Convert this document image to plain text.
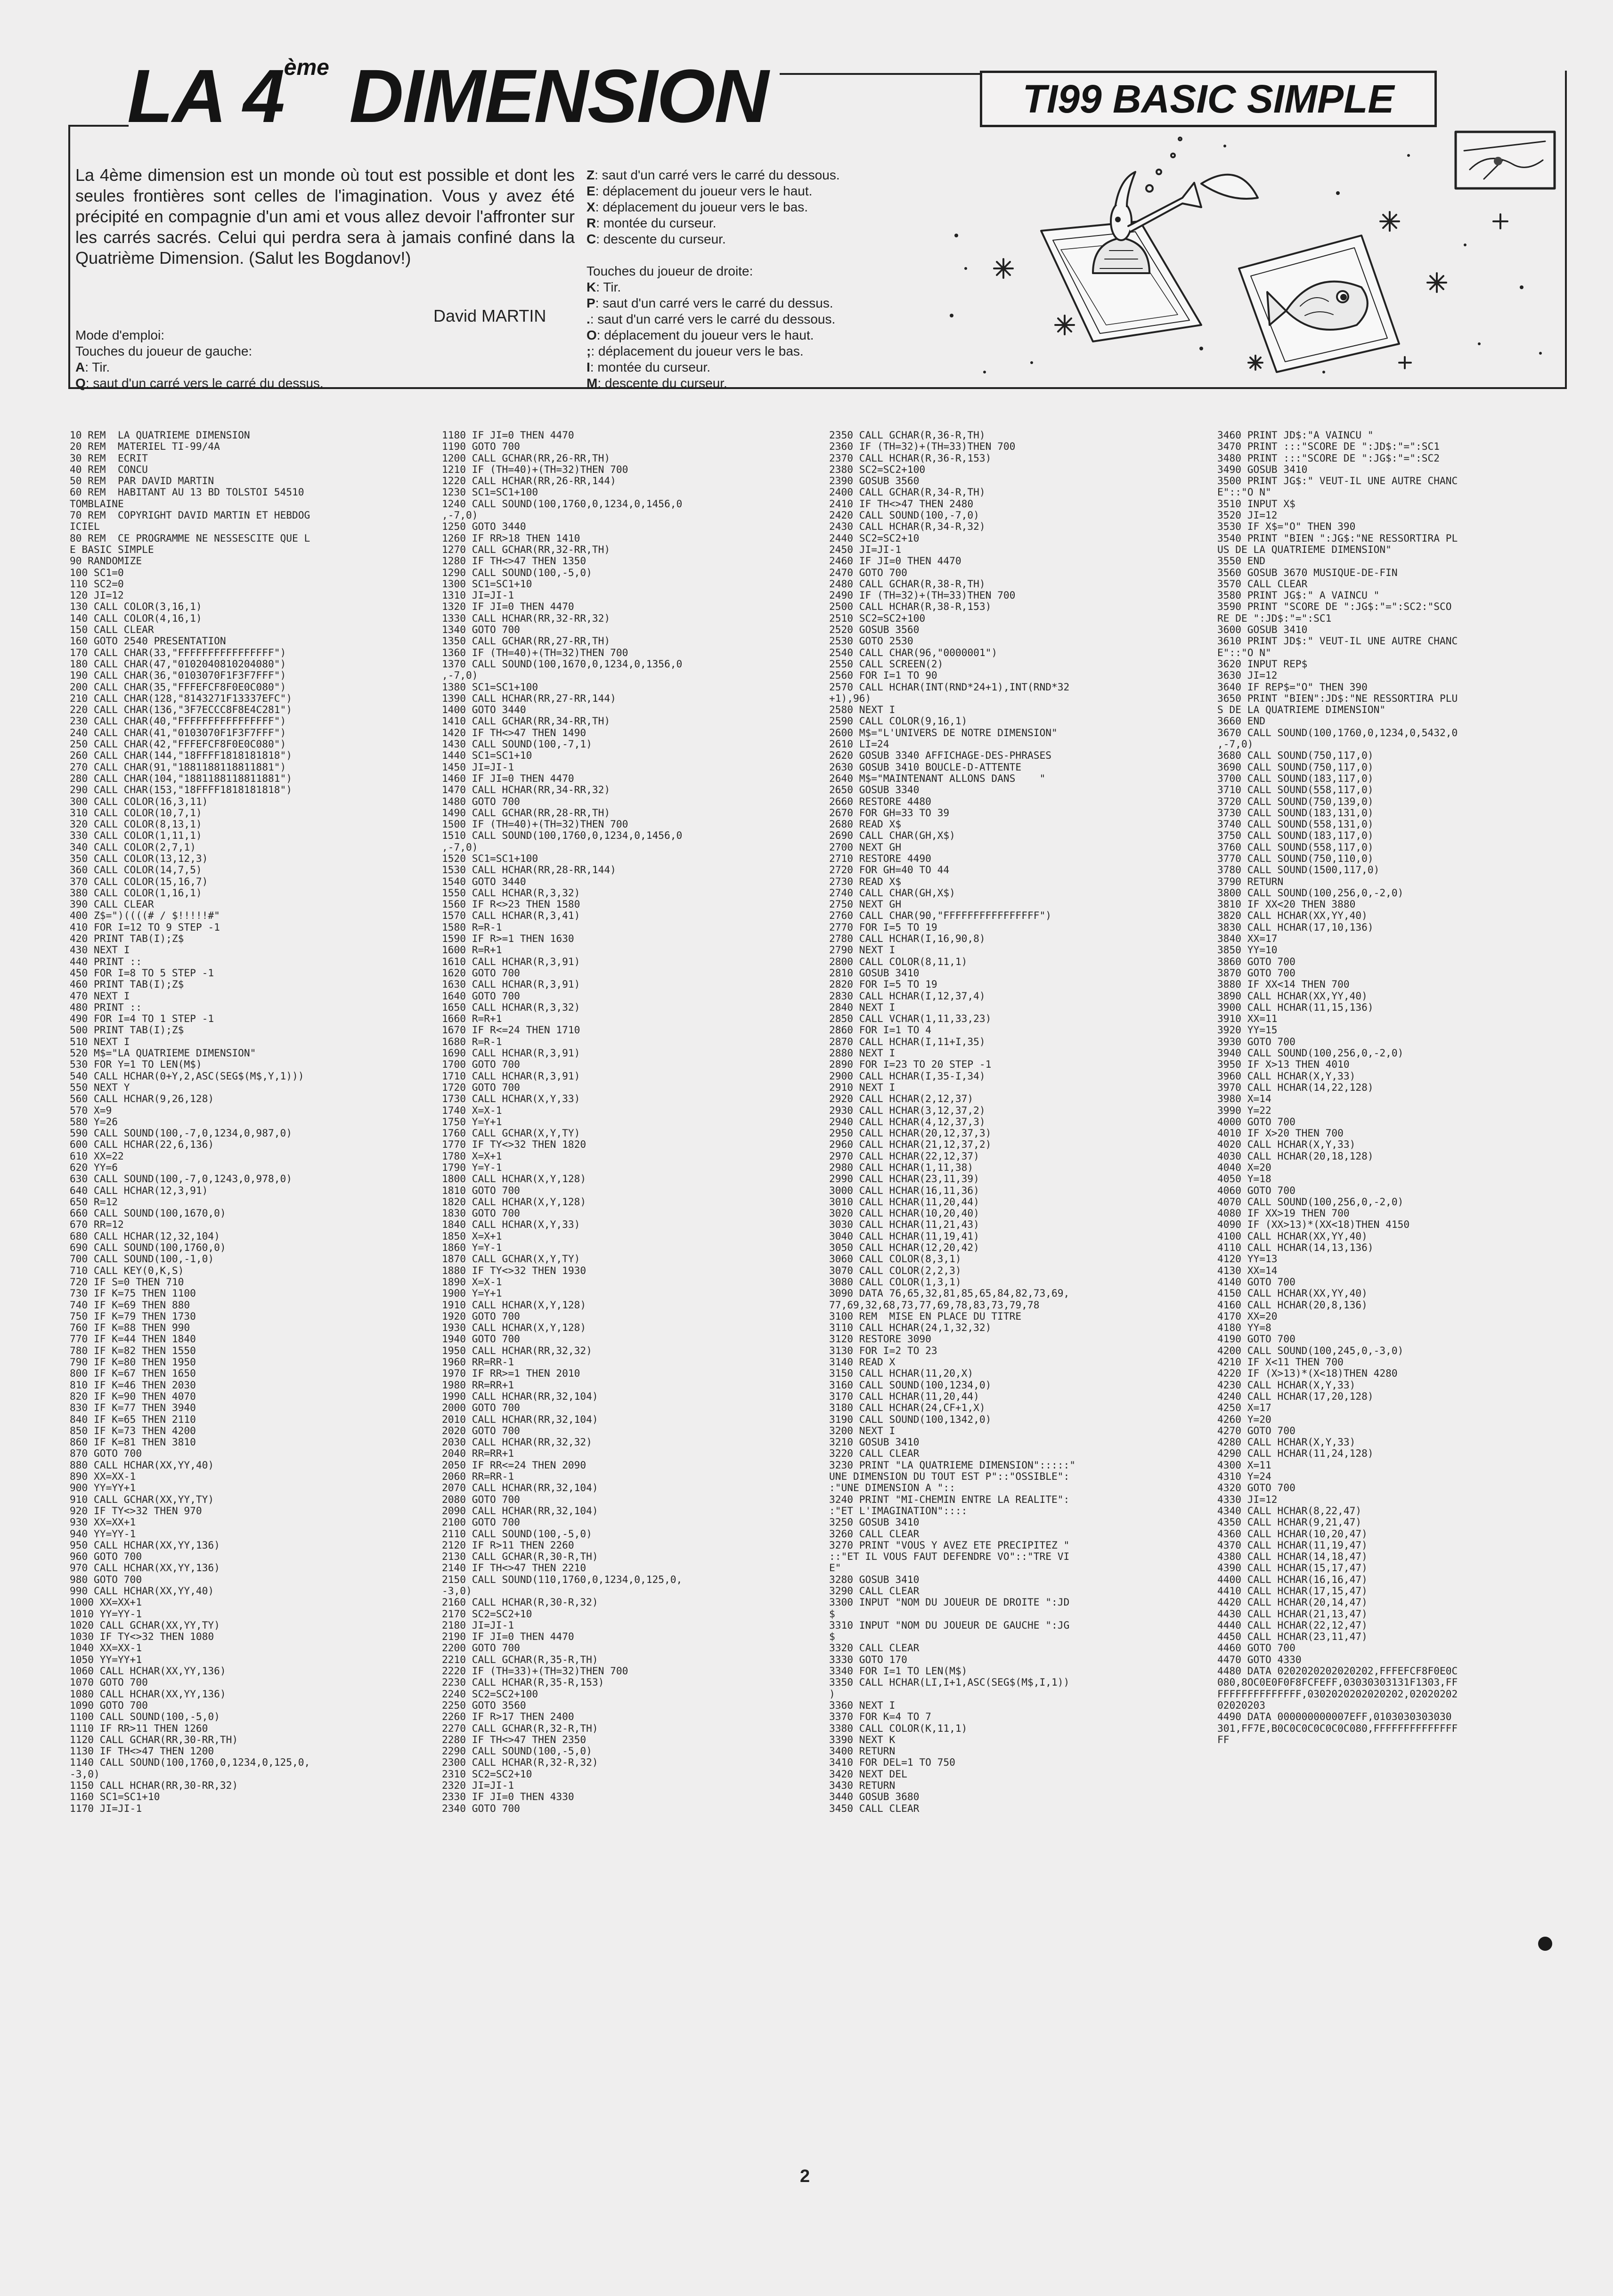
LA 4ème DIMENSION	TI99 BASIC SIMPLE
La 4ème dimension est un monde où tout est possible et dont les seules frontières sont celles de l'imagination. Vous y avez été précipité en compagnie d'un ami et vous allez devoir l'affronter sur les carrés sacrés. Celui qui perdra sera à jamais confiné dans la Quatrième Dimension. (Salut les Bogdanov!)
David MARTIN
Mode d'emploi:
Touches du joueur de gauche:
A: Tir.
Q: saut d'un carré vers le carré du dessus.
Z: saut d'un carré vers le carré du dessous.
E: déplacement du joueur vers le haut.
X: déplacement du joueur vers le bas.
R: montée du curseur.
C: descente du curseur.

Touches du joueur de droite:
K: Tir.
P: saut d'un carré vers le carré du dessus.
.: saut d'un carré vers le carré du dessous.
O: déplacement du joueur vers le haut.
;: déplacement du joueur vers le bas.
I: montée du curseur.
M: descente du curseur.
10 REM  LA QUATRIEME DIMENSION
20 REM  MATERIEL TI-99/4A
30 REM  ECRIT
40 REM  CONCU
50 REM  PAR DAVID MARTIN
60 REM  HABITANT AU 13 BD TOLSTOI 54510
TOMBLAINE
70 REM  COPYRIGHT DAVID MARTIN ET HEBDOG
ICIEL
80 REM  CE PROGRAMME NE NESSESCITE QUE L
E BASIC SIMPLE
90 RANDOMIZE
100 SC1=0
110 SC2=0
120 JI=12
130 CALL COLOR(3,16,1)
140 CALL COLOR(4,16,1)
150 CALL CLEAR
160 GOTO 2540 PRESENTATION
170 CALL CHAR(33,"FFFFFFFFFFFFFFFF")
180 CALL CHAR(47,"0102040810204080")
190 CALL CHAR(36,"0103070F1F3F7FFF")
200 CALL CHAR(35,"FFFEFCF8F0E0C080")
210 CALL CHAR(128,"8143271F13337EFC")
220 CALL CHAR(136,"3F7ECCC8F8E4C281")
230 CALL CHAR(40,"FFFFFFFFFFFFFFFF")
240 CALL CHAR(41,"0103070F1F3F7FFF")
250 CALL CHAR(42,"FFFEFCF8F0E0C080")
260 CALL CHAR(144,"18FFFF1818181818")
270 CALL CHAR(91,"1881188118811881")
280 CALL CHAR(104,"1881188118811881")
290 CALL CHAR(153,"18FFFF1818181818")
300 CALL COLOR(16,3,11)
310 CALL COLOR(10,7,1)
320 CALL COLOR(8,13,1)
330 CALL COLOR(1,11,1)
340 CALL COLOR(2,7,1)
350 CALL COLOR(13,12,3)
360 CALL COLOR(14,7,5)
370 CALL COLOR(15,16,7)
380 CALL COLOR(1,16,1)
390 CALL CLEAR
400 Z$=")((((# / $!!!!!#"
410 FOR I=12 TO 9 STEP -1
420 PRINT TAB(I);Z$
430 NEXT I
440 PRINT ::
450 FOR I=8 TO 5 STEP -1
460 PRINT TAB(I);Z$
470 NEXT I
480 PRINT ::
490 FOR I=4 TO 1 STEP -1
500 PRINT TAB(I);Z$
510 NEXT I
520 M$="LA QUATRIEME DIMENSION"
530 FOR Y=1 TO LEN(M$)
540 CALL HCHAR(0+Y,2,ASC(SEG$(M$,Y,1)))
550 NEXT Y
560 CALL HCHAR(9,26,128)
570 X=9
580 Y=26
590 CALL SOUND(100,-7,0,1234,0,987,0)
600 CALL HCHAR(22,6,136)
610 XX=22
620 YY=6
630 CALL SOUND(100,-7,0,1243,0,978,0)
640 CALL HCHAR(12,3,91)
650 R=12
660 CALL SOUND(100,1670,0)
670 RR=12
680 CALL HCHAR(12,32,104)
690 CALL SOUND(100,1760,0)
700 CALL SOUND(100,-1,0)
710 CALL KEY(0,K,S)
720 IF S=0 THEN 710
730 IF K=75 THEN 1100
740 IF K=69 THEN 880
750 IF K=79 THEN 1730
760 IF K=88 THEN 990
770 IF K=44 THEN 1840
780 IF K=82 THEN 1550
790 IF K=80 THEN 1950
800 IF K=67 THEN 1650
810 IF K=46 THEN 2030
820 IF K=90 THEN 4070
830 IF K=77 THEN 3940
840 IF K=65 THEN 2110
850 IF K=73 THEN 4200
860 IF K=81 THEN 3810
870 GOTO 700
880 CALL HCHAR(XX,YY,40)
890 XX=XX-1
900 YY=YY+1
910 CALL GCHAR(XX,YY,TY)
920 IF TY<>32 THEN 970
930 XX=XX+1
940 YY=YY-1
950 CALL HCHAR(XX,YY,136)
960 GOTO 700
970 CALL HCHAR(XX,YY,136)
980 GOTO 700
990 CALL HCHAR(XX,YY,40)
1000 XX=XX+1
1010 YY=YY-1
1020 CALL GCHAR(XX,YY,TY)
1030 IF TY<>32 THEN 1080
1040 XX=XX-1
1050 YY=YY+1
1060 CALL HCHAR(XX,YY,136)
1070 GOTO 700
1080 CALL HCHAR(XX,YY,136)
1090 GOTO 700
1100 CALL SOUND(100,-5,0)
1110 IF RR>11 THEN 1260
1120 CALL GCHAR(RR,30-RR,TH)
1130 IF TH<>47 THEN 1200
1140 CALL SOUND(100,1760,0,1234,0,125,0,
-3,0)
1150 CALL HCHAR(RR,30-RR,32)
1160 SC1=SC1+10
1170 JI=JI-1
1180 IF JI=0 THEN 4470
1190 GOTO 700
1200 CALL GCHAR(RR,26-RR,TH)
1210 IF (TH=40)+(TH=32)THEN 700
1220 CALL HCHAR(RR,26-RR,144)
1230 SC1=SC1+100
1240 CALL SOUND(100,1760,0,1234,0,1456,0
,-7,0)
1250 GOTO 3440
1260 IF RR>18 THEN 1410
1270 CALL GCHAR(RR,32-RR,TH)
1280 IF TH<>47 THEN 1350
1290 CALL SOUND(100,-5,0)
1300 SC1=SC1+10
1310 JI=JI-1
1320 IF JI=0 THEN 4470
1330 CALL HCHAR(RR,32-RR,32)
1340 GOTO 700
1350 CALL GCHAR(RR,27-RR,TH)
1360 IF (TH=40)+(TH=32)THEN 700
1370 CALL SOUND(100,1670,0,1234,0,1356,0
,-7,0)
1380 SC1=SC1+100
1390 CALL HCHAR(RR,27-RR,144)
1400 GOTO 3440
1410 CALL GCHAR(RR,34-RR,TH)
1420 IF TH<>47 THEN 1490
1430 CALL SOUND(100,-7,1)
1440 SC1=SC1+10
1450 JI=JI-1
1460 IF JI=0 THEN 4470
1470 CALL HCHAR(RR,34-RR,32)
1480 GOTO 700
1490 CALL GCHAR(RR,28-RR,TH)
1500 IF (TH=40)+(TH=32)THEN 700
1510 CALL SOUND(100,1760,0,1234,0,1456,0
,-7,0)
1520 SC1=SC1+100
1530 CALL HCHAR(RR,28-RR,144)
1540 GOTO 3440
1550 CALL HCHAR(R,3,32)
1560 IF R<>23 THEN 1580
1570 CALL HCHAR(R,3,41)
1580 R=R-1
1590 IF R>=1 THEN 1630
1600 R=R+1
1610 CALL HCHAR(R,3,91)
1620 GOTO 700
1630 CALL HCHAR(R,3,91)
1640 GOTO 700
1650 CALL HCHAR(R,3,32)
1660 R=R+1
1670 IF R<=24 THEN 1710
1680 R=R-1
1690 CALL HCHAR(R,3,91)
1700 GOTO 700
1710 CALL HCHAR(R,3,91)
1720 GOTO 700
1730 CALL HCHAR(X,Y,33)
1740 X=X-1
1750 Y=Y+1
1760 CALL GCHAR(X,Y,TY)
1770 IF TY<>32 THEN 1820
1780 X=X+1
1790 Y=Y-1
1800 CALL HCHAR(X,Y,128)
1810 GOTO 700
1820 CALL HCHAR(X,Y,128)
1830 GOTO 700
1840 CALL HCHAR(X,Y,33)
1850 X=X+1
1860 Y=Y-1
1870 CALL GCHAR(X,Y,TY)
1880 IF TY<>32 THEN 1930
1890 X=X-1
1900 Y=Y+1
1910 CALL HCHAR(X,Y,128)
1920 GOTO 700
1930 CALL HCHAR(X,Y,128)
1940 GOTO 700
1950 CALL HCHAR(RR,32,32)
1960 RR=RR-1
1970 IF RR>=1 THEN 2010
1980 RR=RR+1
1990 CALL HCHAR(RR,32,104)
2000 GOTO 700
2010 CALL HCHAR(RR,32,104)
2020 GOTO 700
2030 CALL HCHAR(RR,32,32)
2040 RR=RR+1
2050 IF RR<=24 THEN 2090
2060 RR=RR-1
2070 CALL HCHAR(RR,32,104)
2080 GOTO 700
2090 CALL HCHAR(RR,32,104)
2100 GOTO 700
2110 CALL SOUND(100,-5,0)
2120 IF R>11 THEN 2260
2130 CALL GCHAR(R,30-R,TH)
2140 IF TH<>47 THEN 2210
2150 CALL SOUND(110,1760,0,1234,0,125,0,
-3,0)
2160 CALL HCHAR(R,30-R,32)
2170 SC2=SC2+10
2180 JI=JI-1
2190 IF JI=0 THEN 4470
2200 GOTO 700
2210 CALL GCHAR(R,35-R,TH)
2220 IF (TH=33)+(TH=32)THEN 700
2230 CALL HCHAR(R,35-R,153)
2240 SC2=SC2+100
2250 GOTO 3560
2260 IF R>17 THEN 2400
2270 CALL GCHAR(R,32-R,TH)
2280 IF TH<>47 THEN 2350
2290 CALL SOUND(100,-5,0)
2300 CALL HCHAR(R,32-R,32)
2310 SC2=SC2+10
2320 JI=JI-1
2330 IF JI=0 THEN 4330
2340 GOTO 700
2350 CALL GCHAR(R,36-R,TH)
2360 IF (TH=32)+(TH=33)THEN 700
2370 CALL HCHAR(R,36-R,153)
2380 SC2=SC2+100
2390 GOSUB 3560
2400 CALL GCHAR(R,34-R,TH)
2410 IF TH<>47 THEN 2480
2420 CALL SOUND(100,-7,0)
2430 CALL HCHAR(R,34-R,32)
2440 SC2=SC2+10
2450 JI=JI-1
2460 IF JI=0 THEN 4470
2470 GOTO 700
2480 CALL GCHAR(R,38-R,TH)
2490 IF (TH=32)+(TH=33)THEN 700
2500 CALL HCHAR(R,38-R,153)
2510 SC2=SC2+100
2520 GOSUB 3560
2530 GOTO 2530
2540 CALL CHAR(96,"0000001")
2550 CALL SCREEN(2)
2560 FOR I=1 TO 90
2570 CALL HCHAR(INT(RND*24+1),INT(RND*32
+1),96)
2580 NEXT I
2590 CALL COLOR(9,16,1)
2600 M$="L'UNIVERS DE NOTRE DIMENSION"
2610 LI=24
2620 GOSUB 3340 AFFICHAGE-DES-PHRASES
2630 GOSUB 3410 BOUCLE-D-ATTENTE
2640 M$="MAINTENANT ALLONS DANS    "
2650 GOSUB 3340
2660 RESTORE 4480
2670 FOR GH=33 TO 39
2680 READ X$
2690 CALL CHAR(GH,X$)
2700 NEXT GH
2710 RESTORE 4490
2720 FOR GH=40 TO 44
2730 READ X$
2740 CALL CHAR(GH,X$)
2750 NEXT GH
2760 CALL CHAR(90,"FFFFFFFFFFFFFFFF")
2770 FOR I=5 TO 19
2780 CALL HCHAR(I,16,90,8)
2790 NEXT I
2800 CALL COLOR(8,11,1)
2810 GOSUB 3410
2820 FOR I=5 TO 19
2830 CALL HCHAR(I,12,37,4)
2840 NEXT I
2850 CALL VCHAR(1,11,33,23)
2860 FOR I=1 TO 4
2870 CALL HCHAR(I,11+I,35)
2880 NEXT I
2890 FOR I=23 TO 20 STEP -1
2900 CALL HCHAR(I,35-I,34)
2910 NEXT I
2920 CALL HCHAR(2,12,37)
2930 CALL HCHAR(3,12,37,2)
2940 CALL HCHAR(4,12,37,3)
2950 CALL HCHAR(20,12,37,3)
2960 CALL HCHAR(21,12,37,2)
2970 CALL HCHAR(22,12,37)
2980 CALL HCHAR(1,11,38)
2990 CALL HCHAR(23,11,39)
3000 CALL HCHAR(16,11,36)
3010 CALL HCHAR(11,20,44)
3020 CALL HCHAR(10,20,40)
3030 CALL HCHAR(11,21,43)
3040 CALL HCHAR(11,19,41)
3050 CALL HCHAR(12,20,42)
3060 CALL COLOR(8,3,1)
3070 CALL COLOR(2,2,3)
3080 CALL COLOR(1,3,1)
3090 DATA 76,65,32,81,85,65,84,82,73,69,
77,69,32,68,73,77,69,78,83,73,79,78
3100 REM  MISE EN PLACE DU TITRE
3110 CALL HCHAR(24,1,32,32)
3120 RESTORE 3090
3130 FOR I=2 TO 23
3140 READ X
3150 CALL HCHAR(11,20,X)
3160 CALL SOUND(100,1234,0)
3170 CALL HCHAR(11,20,44)
3180 CALL HCHAR(24,CF+1,X)
3190 CALL SOUND(100,1342,0)
3200 NEXT I
3210 GOSUB 3410
3220 CALL CLEAR
3230 PRINT "LA QUATRIEME DIMENSION":::::"
UNE DIMENSION DU TOUT EST P"::"OSSIBLE":
:"UNE DIMENSION A "::
3240 PRINT "MI-CHEMIN ENTRE LA REALITE":
:"ET L'IMAGINATION"::::
3250 GOSUB 3410
3260 CALL CLEAR
3270 PRINT "VOUS Y AVEZ ETE PRECIPITEZ "
::"ET IL VOUS FAUT DEFENDRE VO"::"TRE VI
E"
3280 GOSUB 3410
3290 CALL CLEAR
3300 INPUT "NOM DU JOUEUR DE DROITE ":JD
$
3310 INPUT "NOM DU JOUEUR DE GAUCHE ":JG
$
3320 CALL CLEAR
3330 GOTO 170
3340 FOR I=1 TO LEN(M$)
3350 CALL HCHAR(LI,I+1,ASC(SEG$(M$,I,1))
)
3360 NEXT I
3370 FOR K=4 TO 7
3380 CALL COLOR(K,11,1)
3390 NEXT K
3400 RETURN
3410 FOR DEL=1 TO 750
3420 NEXT DEL
3430 RETURN
3440 GOSUB 3680
3450 CALL CLEAR
3460 PRINT JD$:"A VAINCU "
3470 PRINT :::"SCORE DE ":JD$:"=":SC1
3480 PRINT :::"SCORE DE ":JG$:"=":SC2
3490 GOSUB 3410
3500 PRINT JG$:" VEUT-IL UNE AUTRE CHANC
E"::"O N"
3510 INPUT X$
3520 JI=12
3530 IF X$="O" THEN 390
3540 PRINT "BIEN ":JG$:"NE RESSORTIRA PL
US DE LA QUATRIEME DIMENSION"
3550 END
3560 GOSUB 3670 MUSIQUE-DE-FIN
3570 CALL CLEAR
3580 PRINT JG$:" A VAINCU "
3590 PRINT "SCORE DE ":JG$:"=":SC2:"SCO
RE DE ":JD$:"=":SC1
3600 GOSUB 3410
3610 PRINT JD$:" VEUT-IL UNE AUTRE CHANC
E"::"O N"
3620 INPUT REP$
3630 JI=12
3640 IF REP$="O" THEN 390
3650 PRINT "BIEN":JD$:"NE RESSORTIRA PLU
S DE LA QUATRIEME DIMENSION"
3660 END
3670 CALL SOUND(100,1760,0,1234,0,5432,0
,-7,0)
3680 CALL SOUND(750,117,0)
3690 CALL SOUND(750,117,0)
3700 CALL SOUND(183,117,0)
3710 CALL SOUND(558,117,0)
3720 CALL SOUND(750,139,0)
3730 CALL SOUND(183,131,0)
3740 CALL SOUND(558,131,0)
3750 CALL SOUND(183,117,0)
3760 CALL SOUND(558,117,0)
3770 CALL SOUND(750,110,0)
3780 CALL SOUND(1500,117,0)
3790 RETURN
3800 CALL SOUND(100,256,0,-2,0)
3810 IF XX<20 THEN 3880
3820 CALL HCHAR(XX,YY,40)
3830 CALL HCHAR(17,10,136)
3840 XX=17
3850 YY=10
3860 GOTO 700
3870 GOTO 700
3880 IF XX<14 THEN 700
3890 CALL HCHAR(XX,YY,40)
3900 CALL HCHAR(11,15,136)
3910 XX=11
3920 YY=15
3930 GOTO 700
3940 CALL SOUND(100,256,0,-2,0)
3950 IF X>13 THEN 4010
3960 CALL HCHAR(X,Y,33)
3970 CALL HCHAR(14,22,128)
3980 X=14
3990 Y=22
4000 GOTO 700
4010 IF X>20 THEN 700
4020 CALL HCHAR(X,Y,33)
4030 CALL HCHAR(20,18,128)
4040 X=20
4050 Y=18
4060 GOTO 700
4070 CALL SOUND(100,256,0,-2,0)
4080 IF XX>19 THEN 700
4090 IF (XX>13)*(XX<18)THEN 4150
4100 CALL HCHAR(XX,YY,40)
4110 CALL HCHAR(14,13,136)
4120 YY=13
4130 XX=14
4140 GOTO 700
4150 CALL HCHAR(XX,YY,40)
4160 CALL HCHAR(20,8,136)
4170 XX=20
4180 YY=8
4190 GOTO 700
4200 CALL SOUND(100,245,0,-3,0)
4210 IF X<11 THEN 700
4220 IF (X>13)*(X<18)THEN 4280
4230 CALL HCHAR(X,Y,33)
4240 CALL HCHAR(17,20,128)
4250 X=17
4260 Y=20
4270 GOTO 700
4280 CALL HCHAR(X,Y,33)
4290 CALL HCHAR(11,24,128)
4300 X=11
4310 Y=24
4320 GOTO 700
4330 JI=12
4340 CALL HCHAR(8,22,47)
4350 CALL HCHAR(9,21,47)
4360 CALL HCHAR(10,20,47)
4370 CALL HCHAR(11,19,47)
4380 CALL HCHAR(14,18,47)
4390 CALL HCHAR(15,17,47)
4400 CALL HCHAR(16,16,47)
4410 CALL HCHAR(17,15,47)
4420 CALL HCHAR(20,14,47)
4430 CALL HCHAR(21,13,47)
4440 CALL HCHAR(22,12,47)
4450 CALL HCHAR(23,11,47)
4460 GOTO 700
4470 GOTO 4330
4480 DATA 0202020202020202,FFFEFCF8F0E0C
080,8OC0E0F0F8FCFEFF,03030303131F1303,FF
FFFFFFFFFFFFFF,0302020202020202,02020202
02020203
4490 DATA 000000000007EFF,0103030303030
301,FF7E,B0C0C0C0C0C0C080,FFFFFFFFFFFFFF
FF
2
